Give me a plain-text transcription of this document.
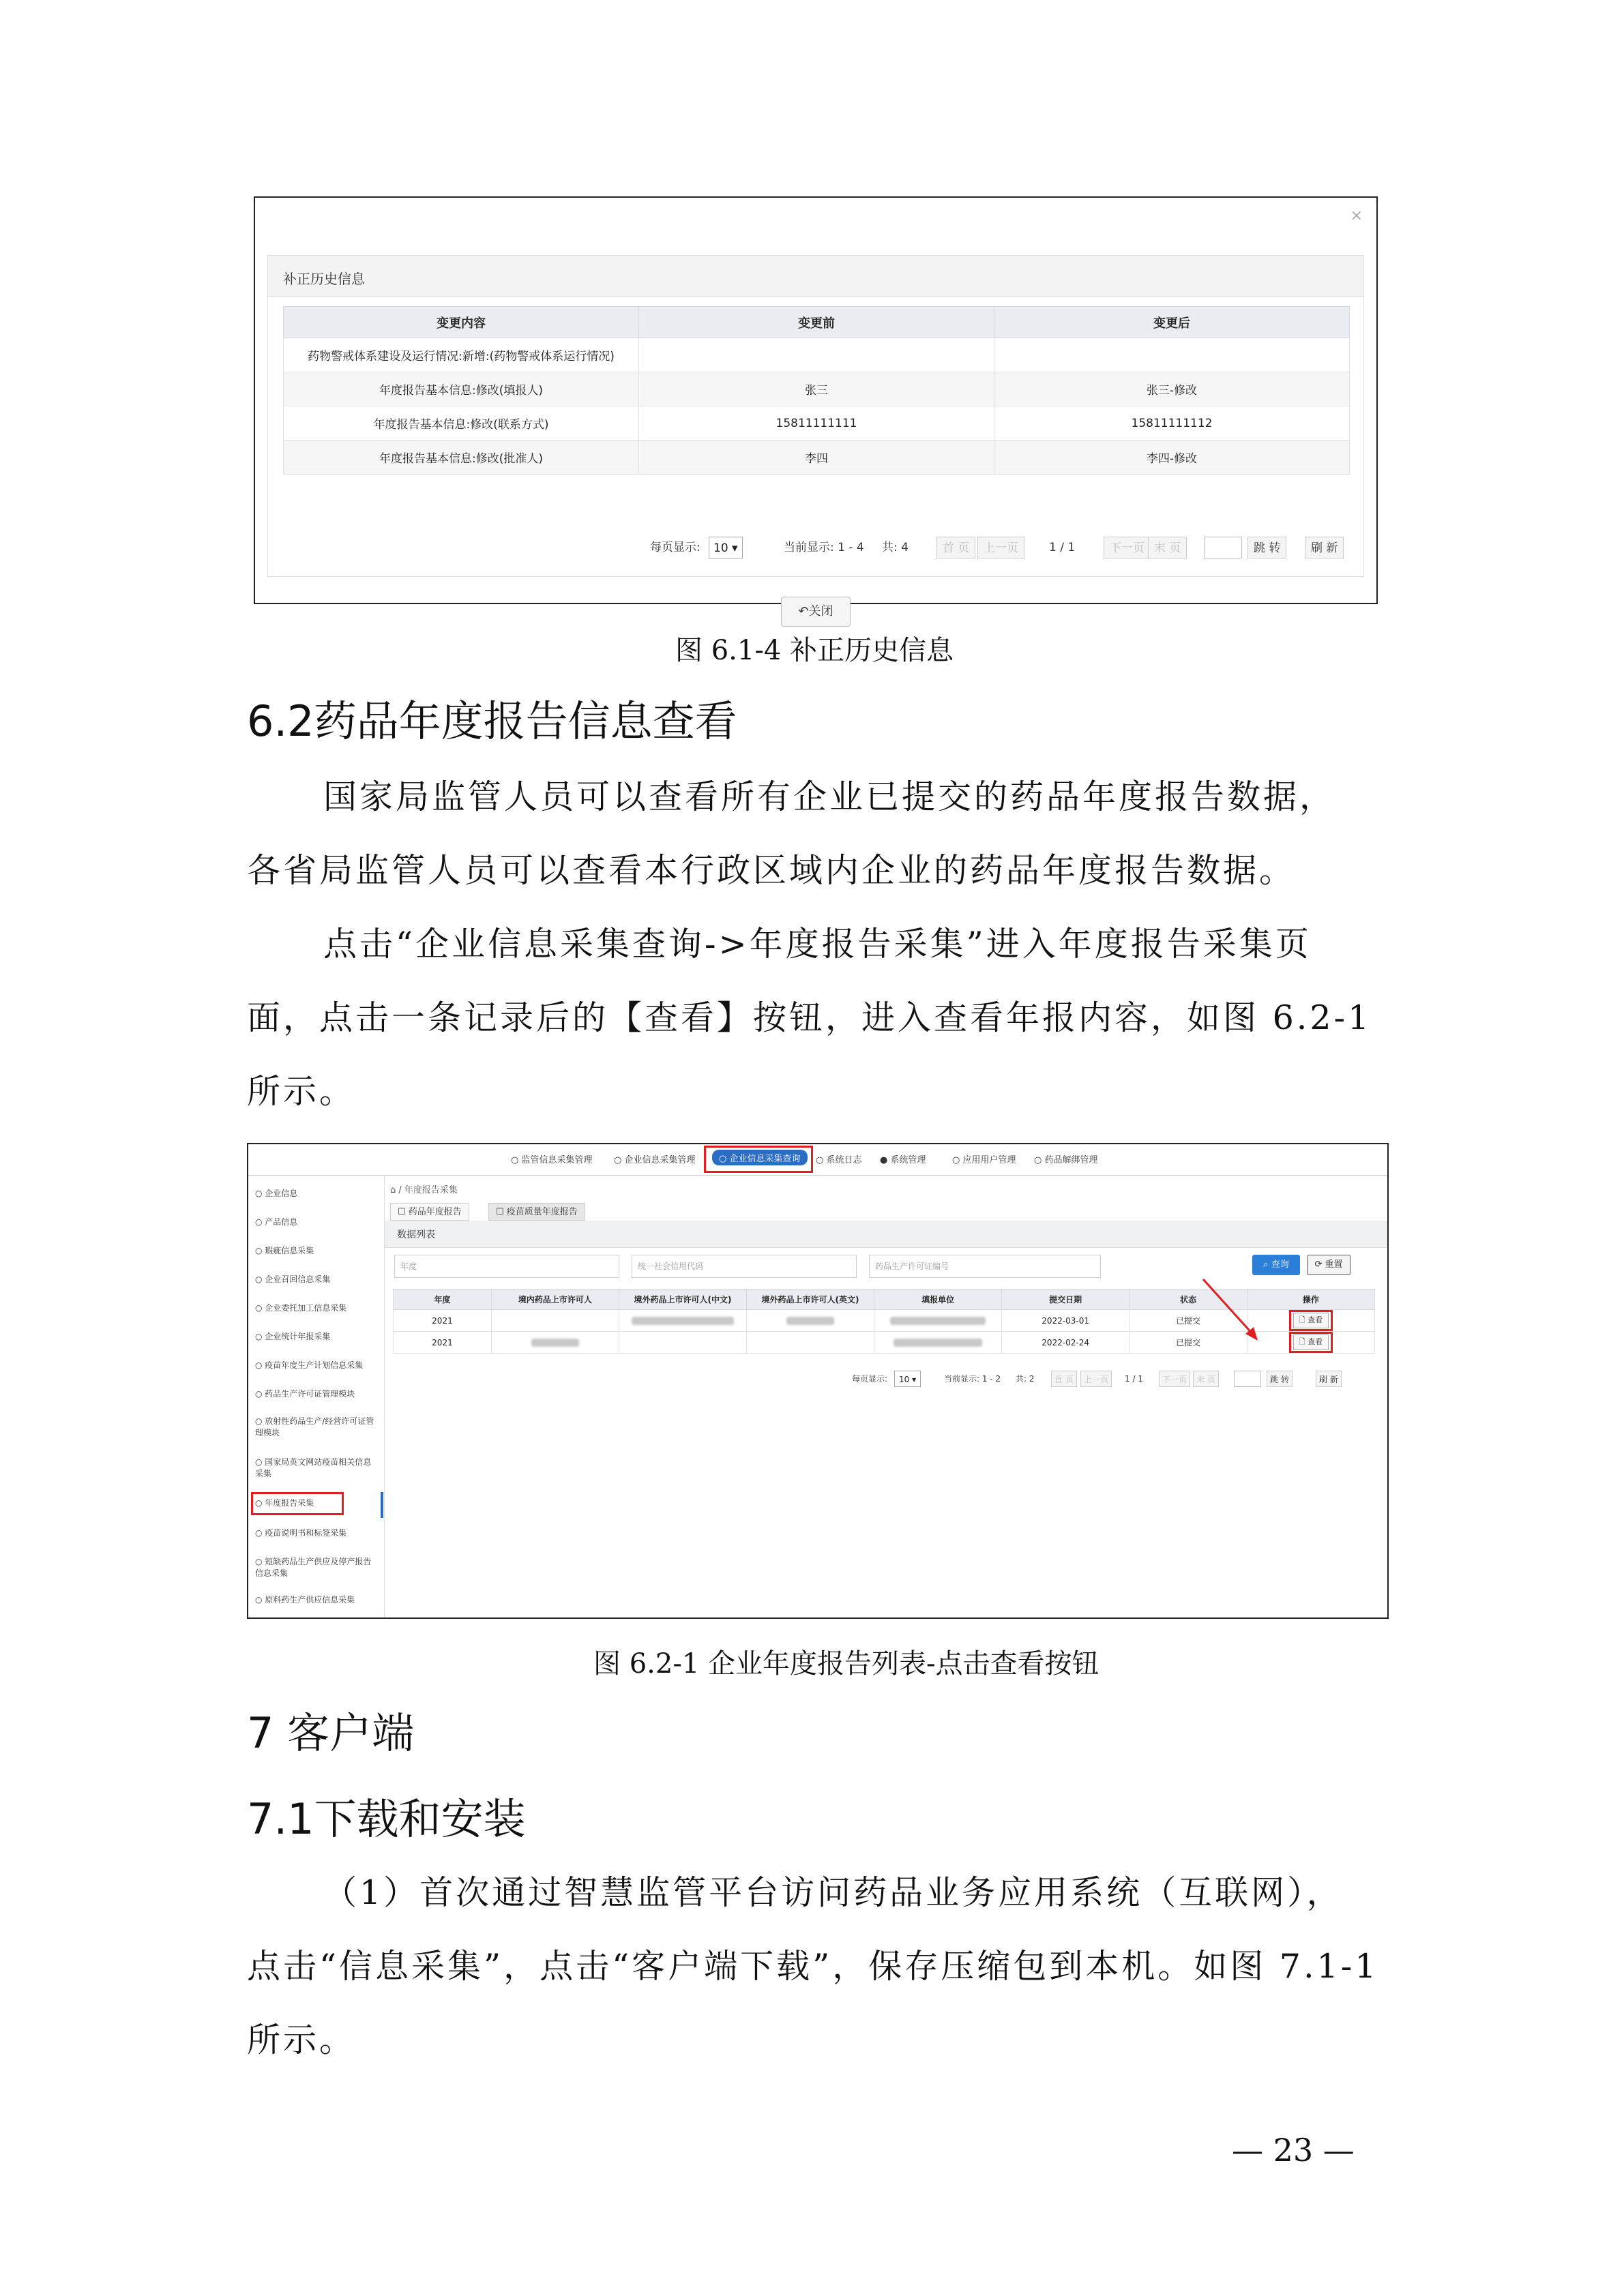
×
补正历史信息
变更内容	变更前	变更后
药物警戒体系建设及运行情况:新增:(药物警戒体系运行情况)		
年度报告基本信息:修改(填报人)	张三	张三-修改
年度报告基本信息:修改(联系方式)	15811111111	15811111112
年度报告基本信息:修改(批准人)	李四	李四-修改
每页显示:	10 ▾	当前显示: 1 - 4 共: 4	首 页	上一页	1 / 1	下一页 末 页	跳 转	刷 新
↶关闭
图 6.1-4 补正历史信息
6.2药品年度报告信息查看
国家局监管人员可以查看所有企业已提交的药品年度报告数据，
各省局监管人员可以查看本行政区域内企业的药品年度报告数据。
点击“企业信息采集查询->年度报告采集”进入年度报告采集页
面，点击一条记录后的【查看】按钮，进入查看年报内容，如图 6.2-1
所示。
○ 监管信息采集管理 ○ 企业信息采集管理	○ 企业信息采集查询	○ 系统日志 ● 系统管理	○ 应用用户管理 ○ 药品解绑管理
○ 企业信息
○ 产品信息
○ 瑕疵信息采集
○ 企业召回信息采集
○ 企业委托加工信息采集
○ 企业统计年报采集
○ 疫苗年度生产计划信息采集
○ 药品生产许可证管理模块
○ 放射性药品生产/经营许可证管理模块
○ 国家局英文网站疫苗相关信息采集
○ 年度报告采集
○ 疫苗说明书和标签采集
○ 短缺药品生产供应及停产报告信息采集
○ 原料药生产供应信息采集
⌂ / 年度报告采集
☐ 药品年度报告	☐ 疫苗质量年度报告
数据列表
年度	统一社会信用代码	药品生产许可证编号	⌕ 查询	⟳ 重置
年度	境内药品上市许可人	境外药品上市许可人(中文)	境外药品上市许可人(英文)	填报单位	提交日期	状态	操作
2021					2022-03-01	已提交	🗋 查看
2021					2022-02-24	已提交	🗋 查看
每页显示:	10 ▾	当前显示: 1 - 2 共: 2	首 页	上一页	1 / 1	下一页	末 页	跳 转	刷 新
图 6.2-1 企业年度报告列表-点击查看按钮
7 客户端
7.1下载和安装
（1）首次通过智慧监管平台访问药品业务应用系统（互联网），
点击“信息采集”，点击“客户端下载”，保存压缩包到本机。如图 7.1-1
所示。
— 23 —
